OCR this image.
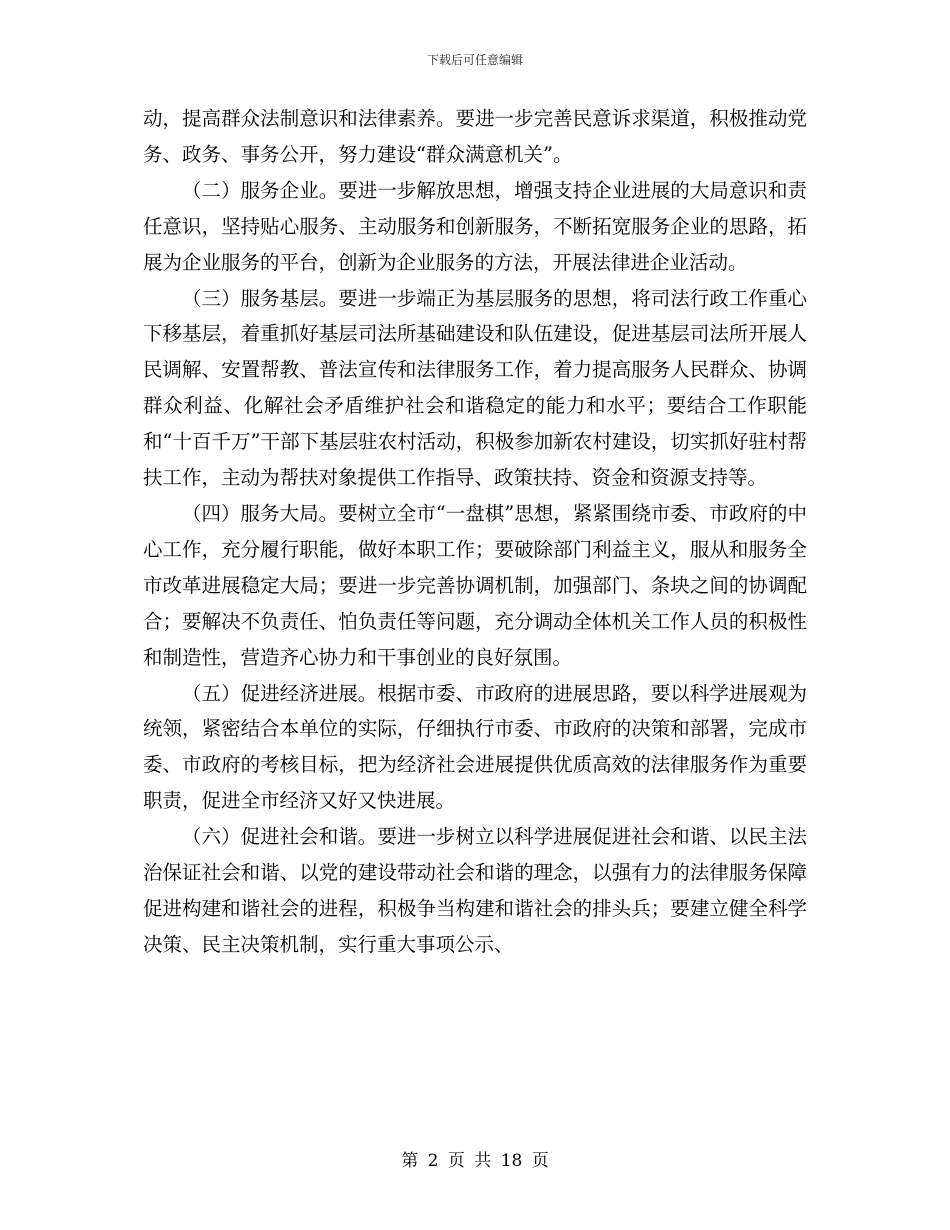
下载后可任意编辑

动，提高群众法制意识和法律素养。要进一步完善民意诉求渠道，积极推动党务、政务、事务公开，努力建设“群众满意机关”。

（二）服务企业。要进一步解放思想，增强支持企业进展的大局意识和责任意识，坚持贴心服务、主动服务和创新服务，不断拓宽服务企业的思路，拓展为企业服务的平台，创新为企业服务的方法，开展法律进企业活动。

（三）服务基层。要进一步端正为基层服务的思想，将司法行政工作重心下移基层，着重抓好基层司法所基础建设和队伍建设，促进基层司法所开展人民调解、安置帮教、普法宣传和法律服务工作，着力提高服务人民群众、协调群众利益、化解社会矛盾维护社会和谐稳定的能力和水平；要结合工作职能和“十百千万”干部下基层驻农村活动，积极参加新农村建设，切实抓好驻村帮扶工作，主动为帮扶对象提供工作指导、政策扶持、资金和资源支持等。

（四）服务大局。要树立全市“一盘棋”思想，紧紧围绕市委、市政府的中心工作，充分履行职能，做好本职工作；要破除部门利益主义，服从和服务全市改革进展稳定大局；要进一步完善协调机制，加强部门、条块之间的协调配合；要解决不负责任、怕负责任等问题，充分调动全体机关工作人员的积极性和制造性，营造齐心协力和干事创业的良好氛围。

（五）促进经济进展。根据市委、市政府的进展思路，要以科学进展观为统领，紧密结合本单位的实际，仔细执行市委、市政府的决策和部署，完成市委、市政府的考核目标，把为经济社会进展提供优质高效的法律服务作为重要职责，促进全市经济又好又快进展。

（六）促进社会和谐。要进一步树立以科学进展促进社会和谐、以民主法治保证社会和谐、以党的建设带动社会和谐的理念，以强有力的法律服务保障促进构建和谐社会的进程，积极争当构建和谐社会的排头兵；要建立健全科学决策、民主决策机制，实行重大事项公示、

第 2 页 共 18 页
